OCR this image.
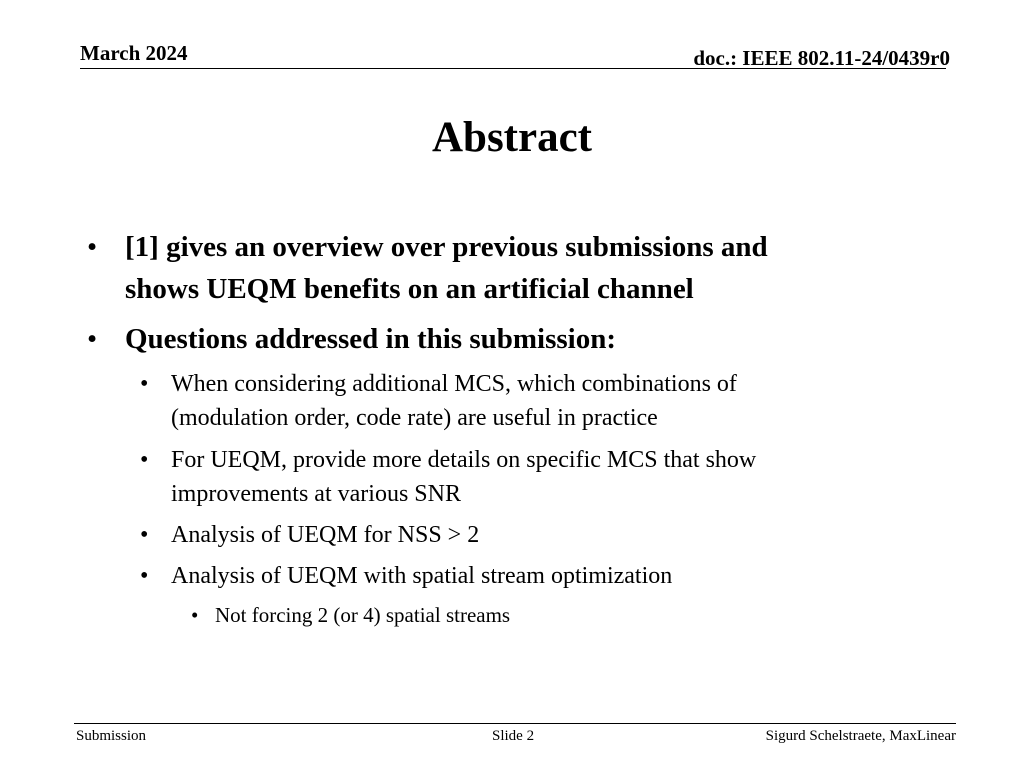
March 2024	doc.: IEEE 802.11-24/0439r0
Abstract
• [1] gives an overview over previous submissions and
shows UEQM benefits on an artificial channel
• Questions addressed in this submission:
• When considering additional MCS, which combinations of
(modulation order, code rate) are useful in practice
• For UEQM, provide more details on specific MCS that show
improvements at various SNR
• Analysis of UEQM for NSS > 2
• Analysis of UEQM with spatial stream optimization
• Not forcing 2 (or 4) spatial streams
Submission	Slide 2	Sigurd Schelstraete, MaxLinear
